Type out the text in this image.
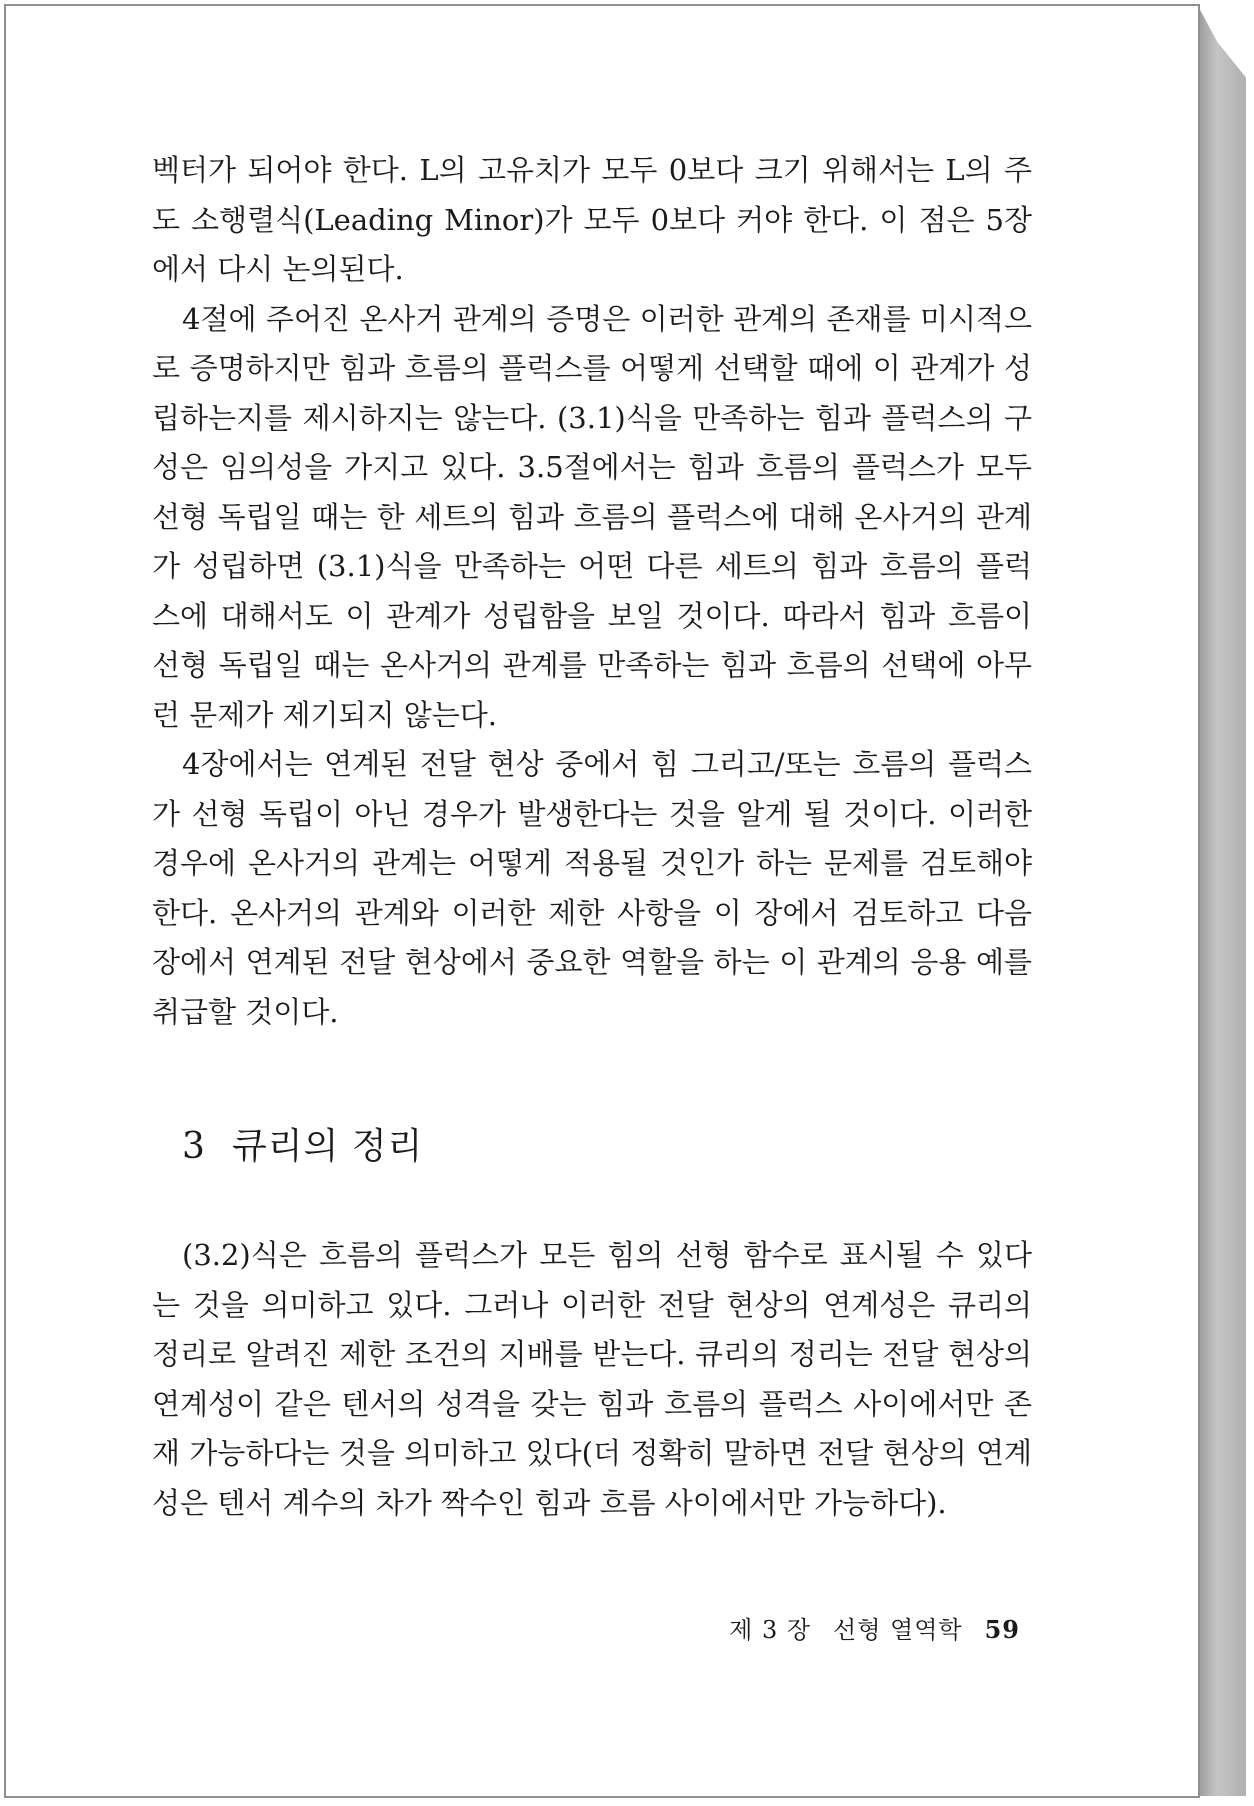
벡터가 되어야 한다. L의 고유치가 모두 0보다 크기 위해서는 L의 주도 소행렬식(Leading Minor)가 모두 0보다 커야 한다. 이 점은 5장에서 다시 논의된다.

4절에 주어진 온사거 관계의 증명은 이러한 관계의 존재를 미시적으로 증명하지만 힘과 흐름의 플럭스를 어떻게 선택할 때에 이 관계가 성립하는지를 제시하지는 않는다. (3.1)식을 만족하는 힘과 플럭스의 구성은 임의성을 가지고 있다. 3.5절에서는 힘과 흐름의 플럭스가 모두 선형 독립일 때는 한 세트의 힘과 흐름의 플럭스에 대해 온사거의 관계가 성립하면 (3.1)식을 만족하는 어떤 다른 세트의 힘과 흐름의 플럭스에 대해서도 이 관계가 성립함을 보일 것이다. 따라서 힘과 흐름이 선형 독립일 때는 온사거의 관계를 만족하는 힘과 흐름의 선택에 아무런 문제가 제기되지 않는다.

4장에서는 연계된 전달 현상 중에서 힘 그리고/또는 흐름의 플럭스가 선형 독립이 아닌 경우가 발생한다는 것을 알게 될 것이다. 이러한 경우에 온사거의 관계는 어떻게 적용될 것인가 하는 문제를 검토해야 한다. 온사거의 관계와 이러한 제한 사항을 이 장에서 검토하고 다음 장에서 연계된 전달 현상에서 중요한 역할을 하는 이 관계의 응용 예를 취급할 것이다.

3 큐리의 정리

(3.2)식은 흐름의 플럭스가 모든 힘의 선형 함수로 표시될 수 있다는 것을 의미하고 있다. 그러나 이러한 전달 현상의 연계성은 큐리의 정리로 알려진 제한 조건의 지배를 받는다. 큐리의 정리는 전달 현상의 연계성이 같은 텐서의 성격을 갖는 힘과 흐름의 플럭스 사이에서만 존재 가능하다는 것을 의미하고 있다(더 정확히 말하면 전달 현상의 연계성은 텐서 계수의 차가 짝수인 힘과 흐름 사이에서만 가능하다).

제 3 장 선형 열역학 59
